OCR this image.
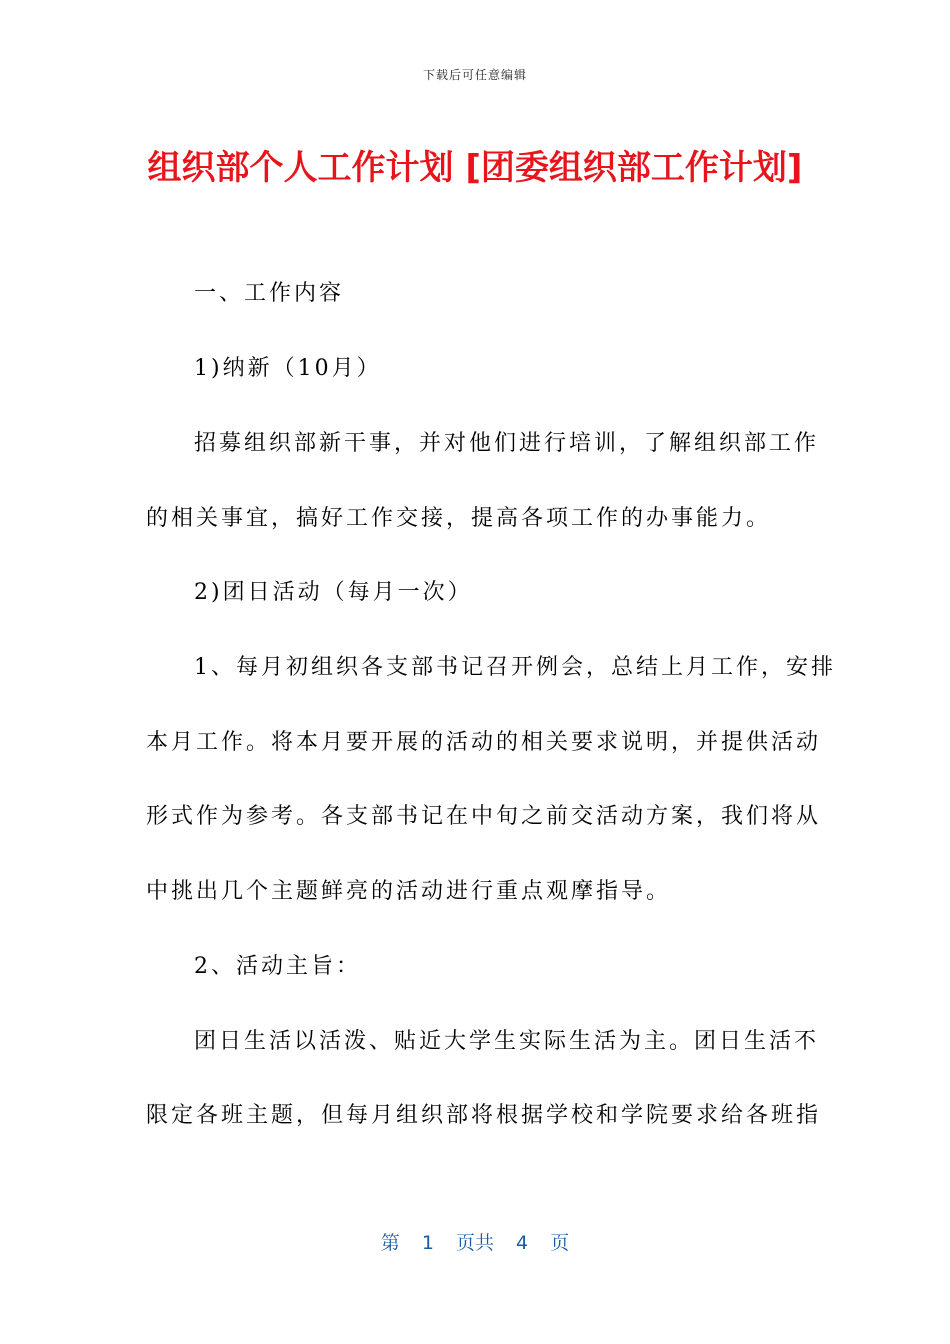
下载后可任意编辑
组织部个人工作计划 [团委组织部工作计划]

一、工作内容

1)纳新（10月）

招募组织部新干事，并对他们进行培训，了解组织部工作

的相关事宜，搞好工作交接，提高各项工作的办事能力。

2)团日活动（每月一次）

1、每月初组织各支部书记召开例会，总结上月工作，安排

本月工作。将本月要开展的活动的相关要求说明，并提供活动

形式作为参考。各支部书记在中旬之前交活动方案，我们将从

中挑出几个主题鲜亮的活动进行重点观摩指导。

2、活动主旨：

团日生活以活泼、贴近大学生实际生活为主。团日生活不

限定各班主题，但每月组织部将根据学校和学院要求给各班指

第 1 页共 4 页
